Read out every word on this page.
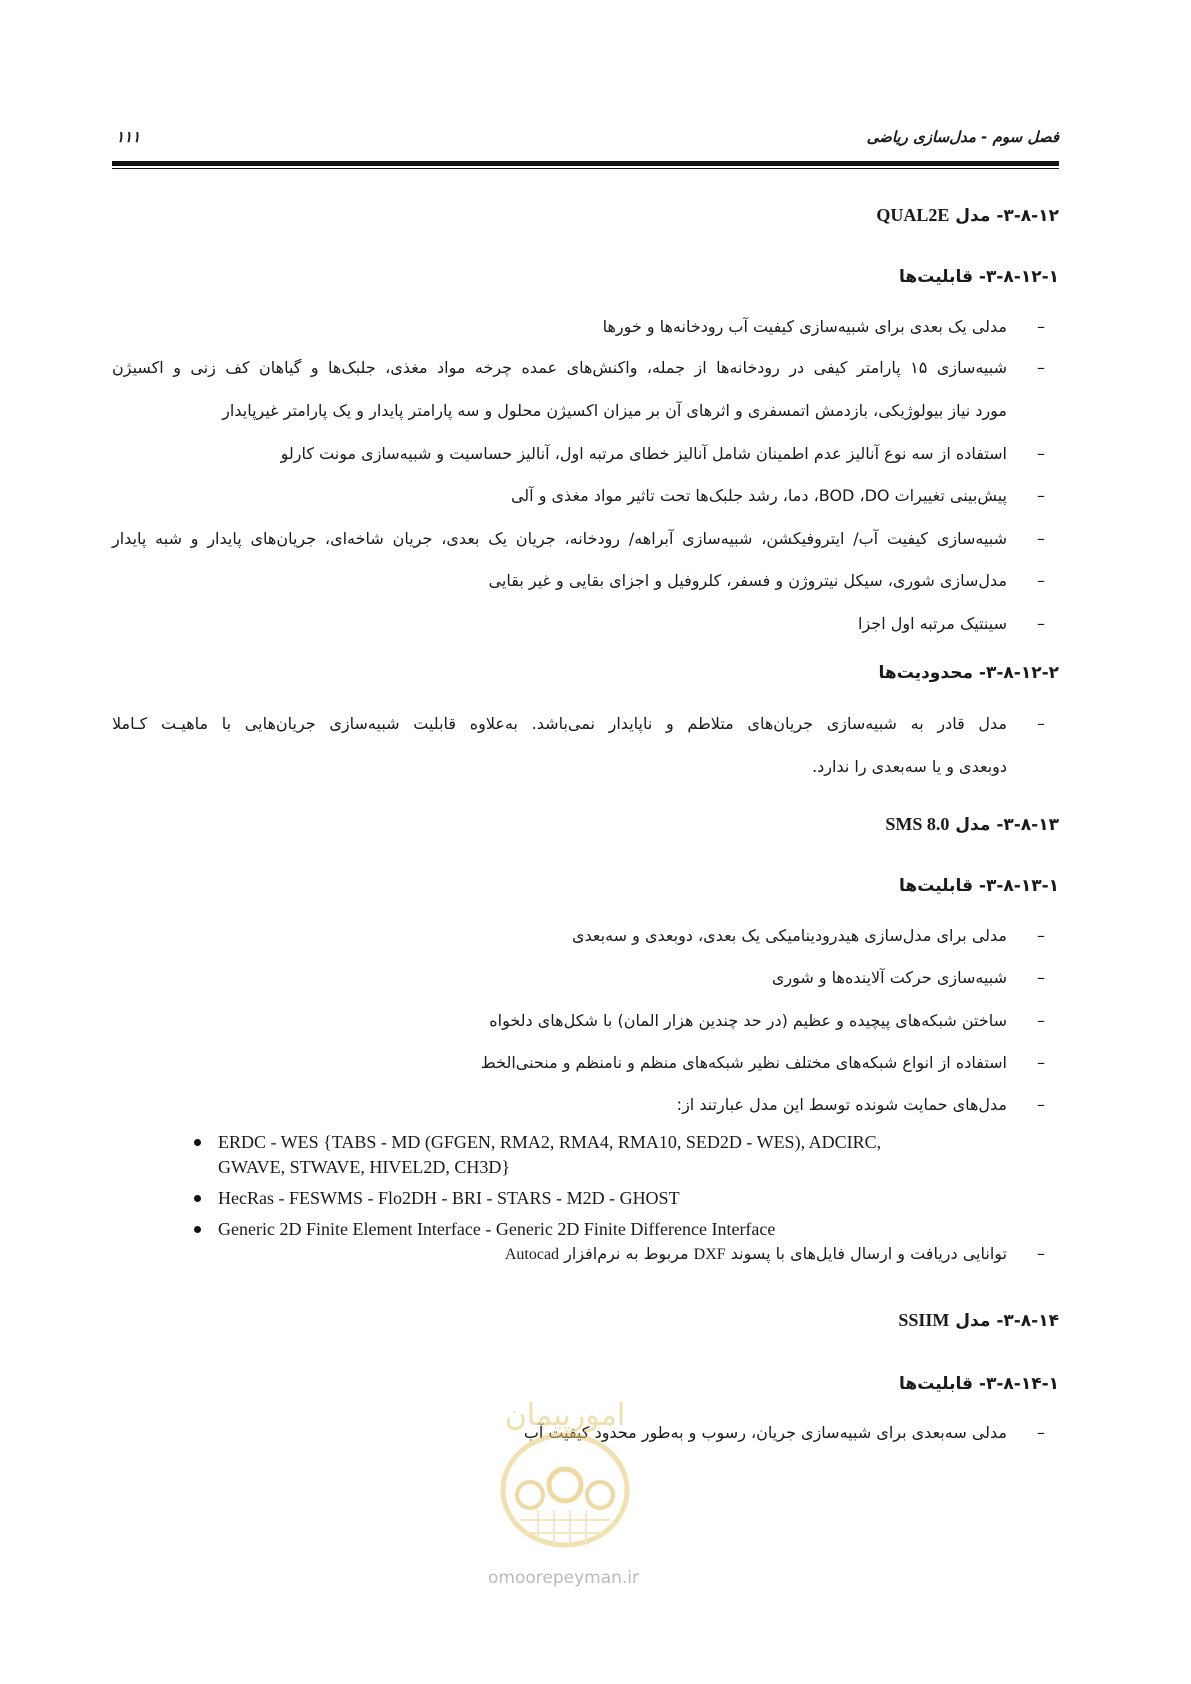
فصل سوم - مدل‌سازی ریاضی
۱۱۱
۳-۸-۱۲- مدل QUAL2E
۳-۸-۱۲-۱- قابلیت‌ها
–
مدلی یک بعدی برای شبیه‌سازی کیفیت آب رودخانه‌ها و خورها
–
شبیه‌سازی ۱۵ پارامتر کیفی در رودخانه‌ها از جمله، واکنش‌های عمده چرخه مواد مغذی، جلبک‌ها و گیاهان کف زنی و اکسیژن
مورد نیاز بیولوژیکی، بازدمش اتمسفری و اثرهای آن بر میزان اکسیژن محلول و سه پارامتر پایدار و یک پارامتر غیرپایدار
–
استفاده از سه نوع آنالیز عدم اطمینان شامل آنالیز خطای مرتبه اول، آنالیز حساسیت و شبیه‌سازی مونت کارلو
–
پیش‌بینی تغییرات BOD ،DO، دما، رشد جلبک‌ها تحت تاثیر مواد مغذی و آلی
–
شبیه‌سازی کیفیت آب/ ایتروفیکشن، شبیه‌سازی آبراهه/ رودخانه، جریان یک بعدی، جریان شاخه‌ای، جریان‌های پایدار و شبه پایدار
–
مدل‌سازی شوری، سیکل نیتروژن و فسفر، کلروفیل و اجزای بقایی و غیر بقایی
–
سینتیک مرتبه اول اجزا
۳-۸-۱۲-۲- محدودیت‌ها
–
مدل قادر به شبیه‌سازی جریان‌های متلاطم و ناپایدار نمی‌باشد. به‌علاوه قابلیت شبیه‌سازی جریان‌هایی با ماهیـت کـاملا
دوبعدی و یا سه‌بعدی را ندارد.
۳-۸-۱۳- مدل SMS 8.0
۳-۸-۱۳-۱- قابلیت‌ها
–
مدلی برای مدل‌سازی هیدرودینامیکی یک بعدی، دوبعدی و سه‌بعدی
–
شبیه‌سازی حرکت آلاینده‌ها و شوری
–
ساختن شبکه‌های پیچیده و عظیم (در حد چندین هزار المان) با شکل‌های دلخواه
–
استفاده از انواع شبکه‌های مختلف نظیر شبکه‌های منظم و نامنظم و منحنی‌الخط
–
مدل‌های حمایت شونده توسط این مدل عبارتند از:
ERDC - WES {TABS - MD (GFGEN, RMA2, RMA4, RMA10, SED2D - WES), ADCIRC, GWAVE, STWAVE, HIVEL2D, CH3D}
HecRas - FESWMS - Flo2DH - BRI - STARS - M2D - GHOST
Generic 2D Finite Element Interface - Generic 2D Finite Difference Interface
–
توانایی دریافت و ارسال فایل‌های با پسوند DXF مربوط به نرم‌افزار Autocad
۳-۸-۱۴- مدل SSIIM
۳-۸-۱۴-۱- قابلیت‌ها
–
مدلی سه‌بعدی برای شبیه‌سازی جریان، رسوب و به‌طور محدود کیفیت آب
امورپیمان
omoorepeyman.ir
